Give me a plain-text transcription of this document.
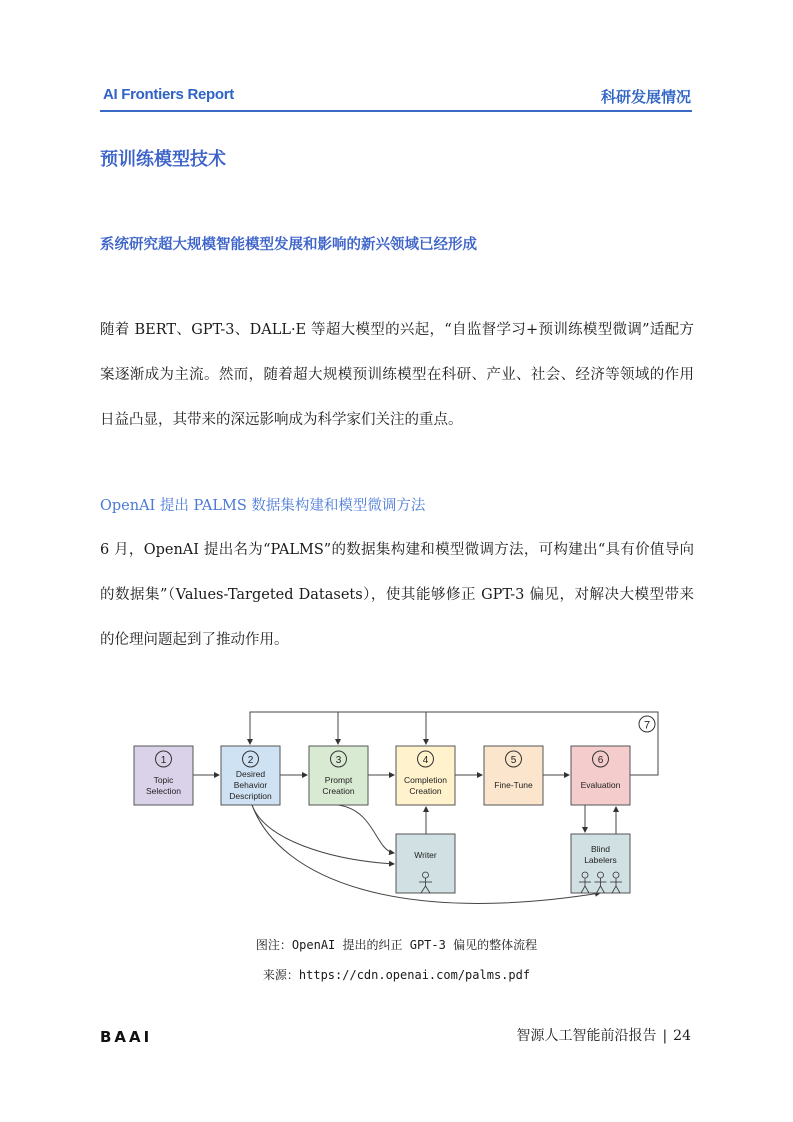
AI Frontiers Report	科研发展情况
预训练模型技术
系统研究超大规模智能模型发展和影响的新兴领域已经形成
随着 BERT、GPT-3、DALL·E 等超大模型的兴起，“自监督学习+预训练模型微调”适配方案逐渐成为主流。然而，随着超大规模预训练模型在科研、产业、社会、经济等领域的作用日益凸显，其带来的深远影响成为科学家们关注的重点。
OpenAI 提出 PALMS 数据集构建和模型微调方法
6 月，OpenAI 提出名为“PALMS”的数据集构建和模型微调方法，可构建出“具有价值导向的数据集”（Values-Targeted Datasets），使其能够修正 GPT-3 偏见，对解决大模型带来的伦理问题起到了推动作用。
7
1
Topic
Selection
2
Desired
Behavior
Description
3
Prompt
Creation
4
Completion
Creation
5
Fine-Tune
6
Evaluation
Writer
Blind
Labelers
图注：OpenAI 提出的纠正 GPT-3 偏见的整体流程
来源：https://cdn.openai.com/palms.pdf
BAAI	智源人工智能前沿报告 | 24
